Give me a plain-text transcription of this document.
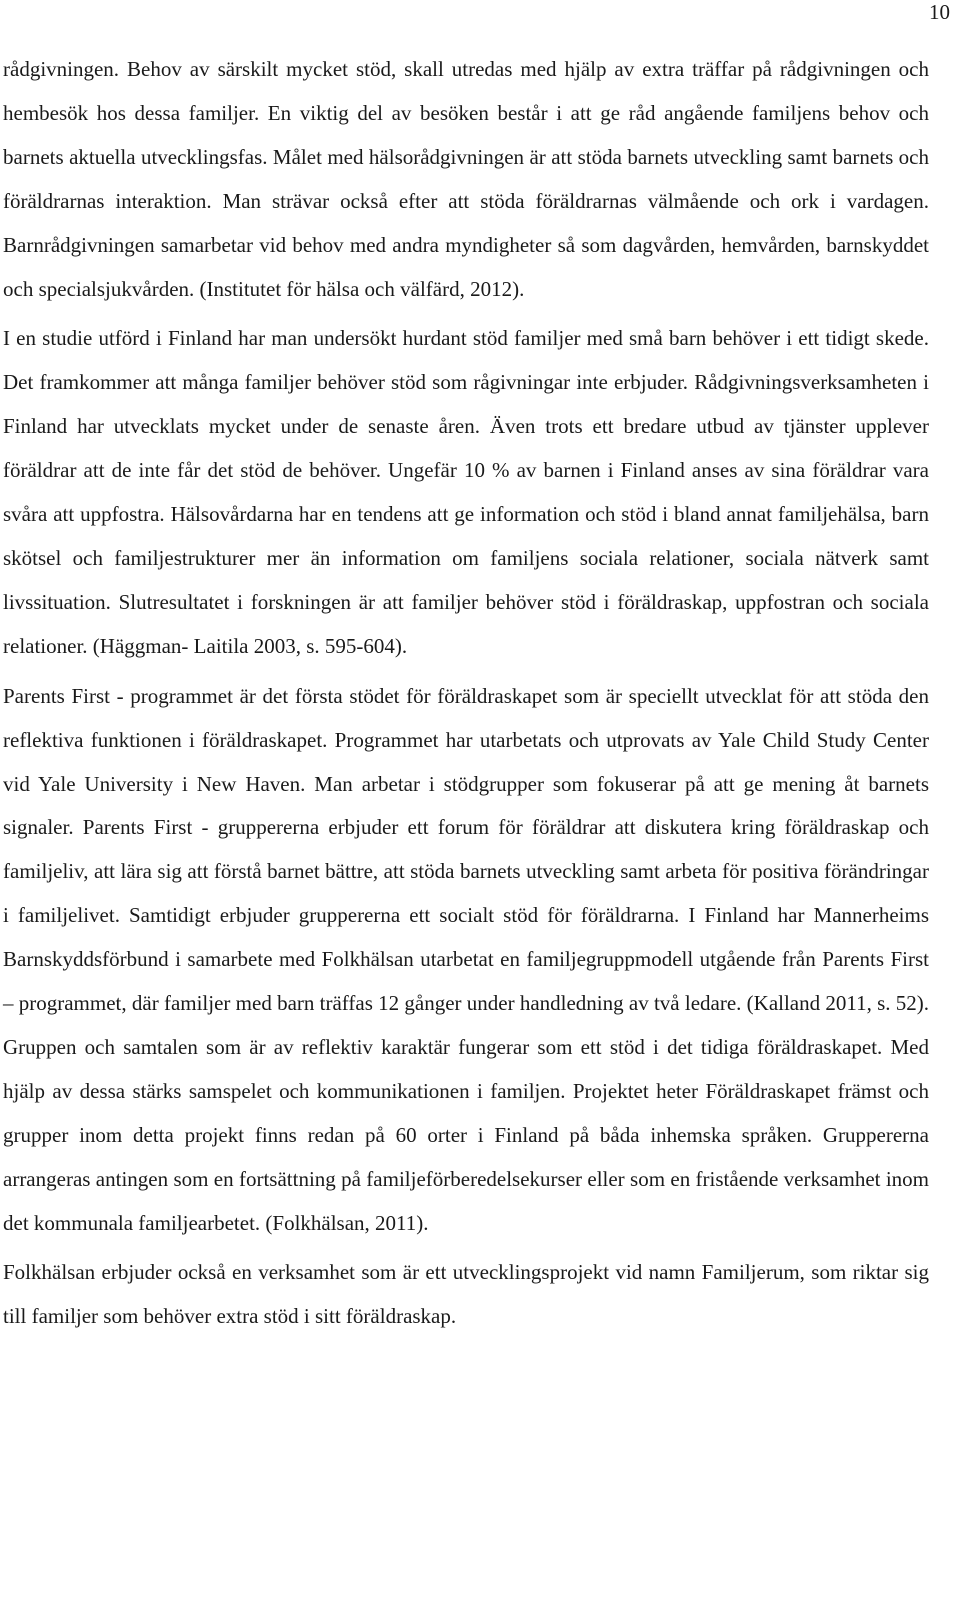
10

rådgivningen. Behov av särskilt mycket stöd, skall utredas med hjälp av extra träffar på rådgivningen och hembesök hos dessa familjer. En viktig del av besöken består i att ge råd angående familjens behov och barnets aktuella utvecklingsfas. Målet med hälsorådgivningen är att stöda barnets utveckling samt barnets och föräldrarnas interaktion. Man strävar också efter att stöda föräldrarnas välmående och ork i vardagen. Barnrådgivningen samarbetar vid behov med andra myndigheter så som dagvården, hemvården, barnskyddet och specialsjukvården. (Institutet för hälsa och välfärd, 2012).

I en studie utförd i Finland har man undersökt hurdant stöd familjer med små barn behöver i ett tidigt skede. Det framkommer att många familjer behöver stöd som rågivningar inte erbjuder. Rådgivningsverksamheten i Finland har utvecklats mycket under de senaste åren. Även trots ett bredare utbud av tjänster upplever föräldrar att de inte får det stöd de behöver. Ungefär 10 % av barnen i Finland anses av sina föräldrar vara svåra att uppfostra. Hälsovårdarna har en tendens att ge information och stöd i bland annat familjehälsa, barn skötsel och familjestrukturer mer än information om familjens sociala relationer, sociala nätverk samt livssituation. Slutresultatet i forskningen är att familjer behöver stöd i föräldraskap, uppfostran och sociala relationer. (Häggman- Laitila 2003, s. 595-604).

Parents First - programmet är det första stödet för föräldraskapet som är speciellt utvecklat för att stöda den reflektiva funktionen i föräldraskapet. Programmet har utarbetats och utprovats av Yale Child Study Center vid Yale University i New Haven. Man arbetar i stödgrupper som fokuserar på att ge mening åt barnets signaler. Parents First - gruppererna erbjuder ett forum för föräldrar att diskutera kring föräldraskap och familjeliv, att lära sig att förstå barnet bättre, att stöda barnets utveckling samt arbeta för positiva förändringar i familjelivet. Samtidigt erbjuder gruppererna ett socialt stöd för föräldrarna. I Finland har Mannerheims Barnskyddsförbund i samarbete med Folkhälsan utarbetat en familjegruppmodell utgående från Parents First – programmet, där familjer med barn träffas 12 gånger under handledning av två ledare. (Kalland 2011, s. 52). Gruppen och samtalen som är av reflektiv karaktär fungerar som ett stöd i det tidiga föräldraskapet. Med hjälp av dessa stärks samspelet och kommunikationen i familjen. Projektet heter Föräldraskapet främst och grupper inom detta projekt finns redan på 60 orter i Finland på båda inhemska språken. Gruppererna arrangeras antingen som en fortsättning på familjeförberedelsekurser eller som en fristående verksamhet inom det kommunala familjearbetet. (Folkhälsan, 2011).

Folkhälsan erbjuder också en verksamhet som är ett utvecklingsprojekt vid namn Familjerum, som riktar sig till familjer som behöver extra stöd i sitt föräldraskap.
